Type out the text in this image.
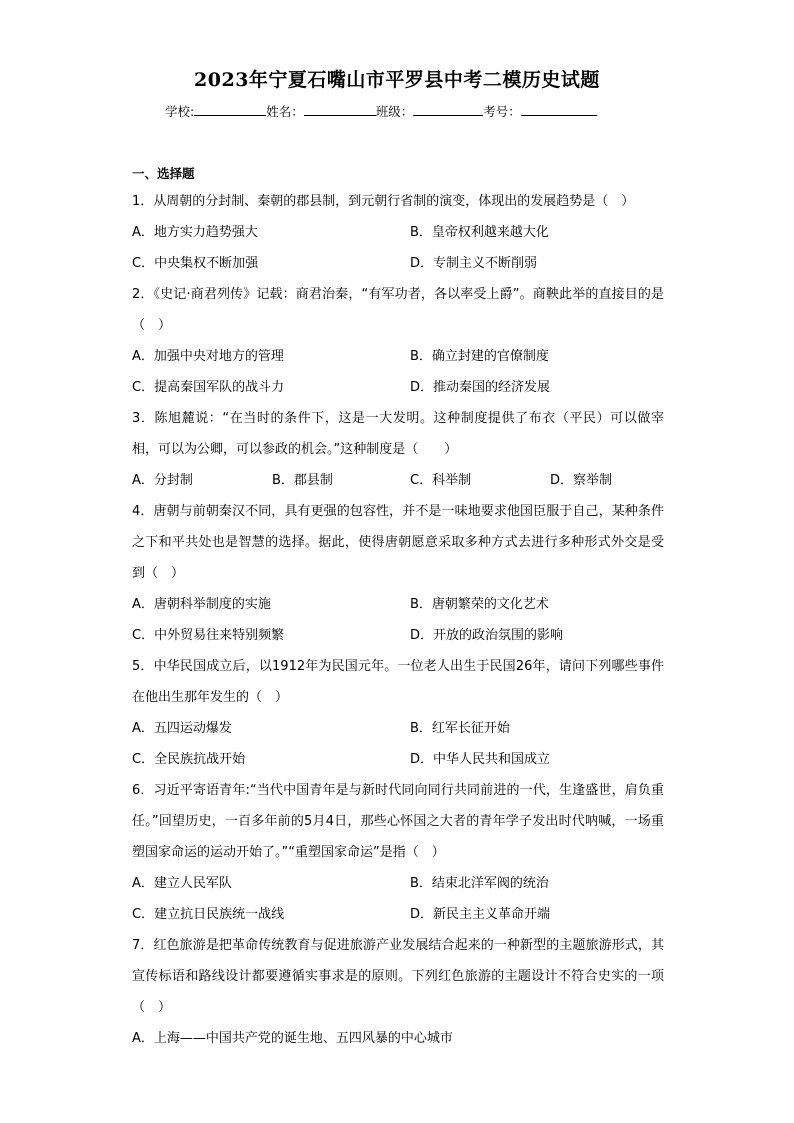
2023年宁夏石嘴山市平罗县中考二模历史试题
学校:	姓名：	班级：	考号：
一、选择题
1．从周朝的分封制、秦朝的郡县制，到元朝行省制的演变，体现出的发展趋势是（　）
A．地方实力趋势强大	B．皇帝权利越来越大化
C．中央集权不断加强	D．专制主义不断削弱
2．《史记·商君列传》记载：商君治秦，“有军功者，各以率受上爵”。商鞅此举的直接目的是（　）
A．加强中央对地方的管理	B．确立封建的官僚制度
C．提高秦国军队的战斗力	D．推动秦国的经济发展
3．陈旭麓说：“在当时的条件下，这是一大发明。这种制度提供了布衣（平民）可以做宰相，可以为公卿，可以参政的机会。”这种制度是（　　）
A．分封制	B．郡县制	C．科举制	D．察举制
4．唐朝与前朝秦汉不同，具有更强的包容性，并不是一味地要求他国臣服于自己，某种条件之下和平共处也是智慧的选择。据此，使得唐朝愿意采取多种方式去进行多种形式外交是受到（　）
A．唐朝科举制度的实施	B．唐朝繁荣的文化艺术
C．中外贸易往来特别频繁	D．开放的政治氛围的影响
5．中华民国成立后，以1912年为民国元年。一位老人出生于民国26年，请问下列哪些事件在他出生那年发生的（　）
A．五四运动爆发	B．红军长征开始
C．全民族抗战开始	D．中华人民共和国成立
6．习近平寄语青年:“当代中国青年是与新时代同向同行共同前进的一代，生逢盛世，肩负重任。”回望历史，一百多年前的5月4日，那些心怀国之大者的青年学子发出时代呐喊，一场重塑国家命运的运动开始了。”“重塑国家命运”是指（　）
A．建立人民军队	B．结束北洋军阀的统治
C．建立抗日民族统一战线	D．新民主主义革命开端
7．红色旅游是把革命传统教育与促进旅游产业发展结合起来的一种新型的主题旅游形式，其宣传标语和路线设计都要遵循实事求是的原则。下列红色旅游的主题设计不符合史实的一项（　）
A．上海——中国共产党的诞生地、五四风暴的中心城市
